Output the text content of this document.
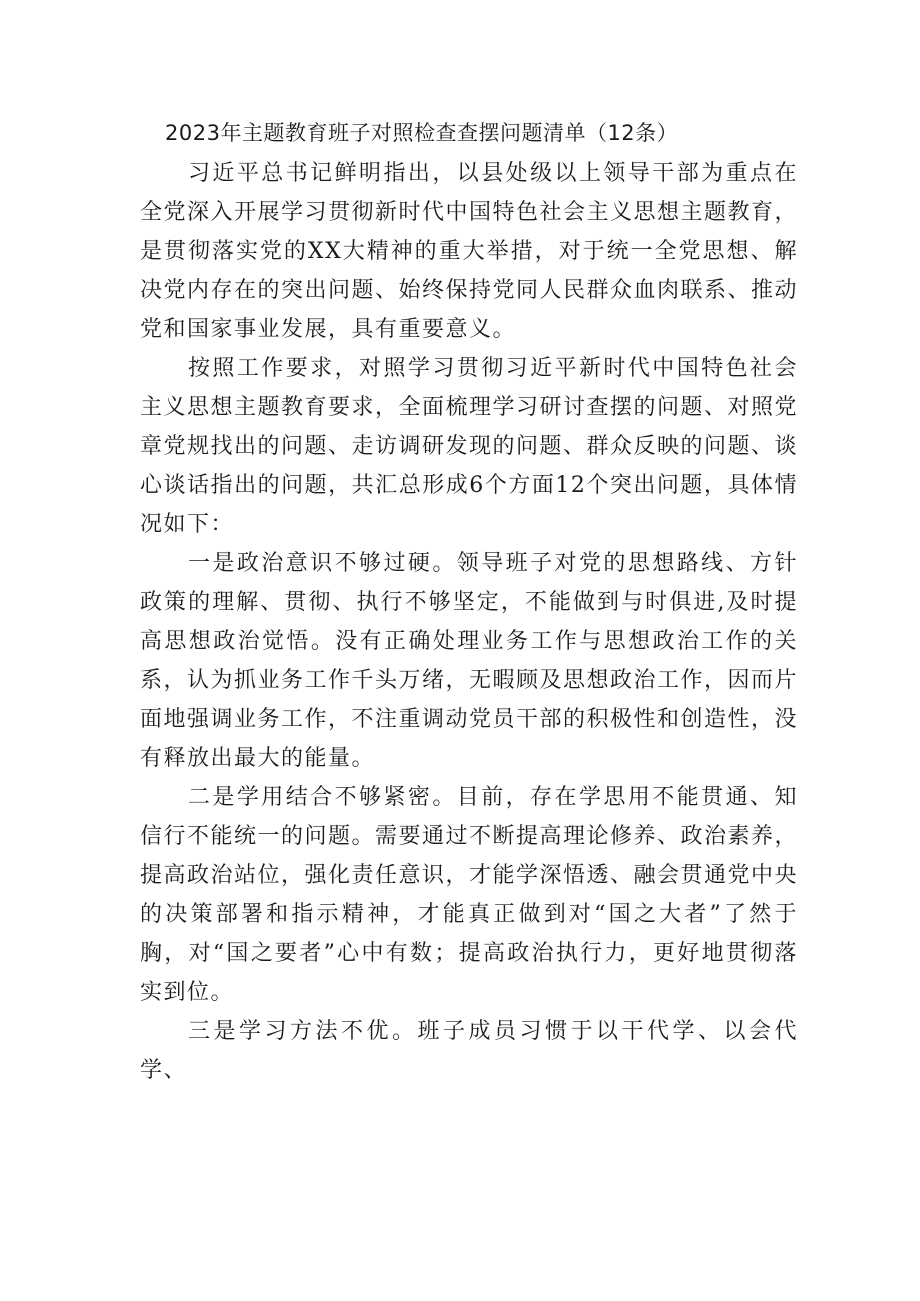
2023年主题教育班子对照检查查摆问题清单（12条）

习近平总书记鲜明指出，以县处级以上领导干部为重点在全党深入开展学习贯彻新时代中国特色社会主义思想主题教育，是贯彻落实党的XX大精神的重大举措，对于统一全党思想、解决党内存在的突出问题、始终保持党同人民群众血肉联系、推动党和国家事业发展，具有重要意义。

按照工作要求，对照学习贯彻习近平新时代中国特色社会主义思想主题教育要求，全面梳理学习研讨查摆的问题、对照党章党规找出的问题、走访调研发现的问题、群众反映的问题、谈心谈话指出的问题，共汇总形成6个方面12个突出问题，具体情况如下：

一是政治意识不够过硬。领导班子对党的思想路线、方针政策的理解、贯彻、执行不够坚定，不能做到与时俱进,及时提高思想政治觉悟。没有正确处理业务工作与思想政治工作的关系，认为抓业务工作千头万绪，无暇顾及思想政治工作，因而片面地强调业务工作，不注重调动党员干部的积极性和创造性，没有释放出最大的能量。

二是学用结合不够紧密。目前，存在学思用不能贯通、知信行不能统一的问题。需要通过不断提高理论修养、政治素养，提高政治站位，强化责任意识，才能学深悟透、融会贯通党中央的决策部署和指示精神，才能真正做到对“国之大者”了然于胸，对“国之要者”心中有数；提高政治执行力，更好地贯彻落实到位。

三是学习方法不优。班子成员习惯于以干代学、以会代学、
